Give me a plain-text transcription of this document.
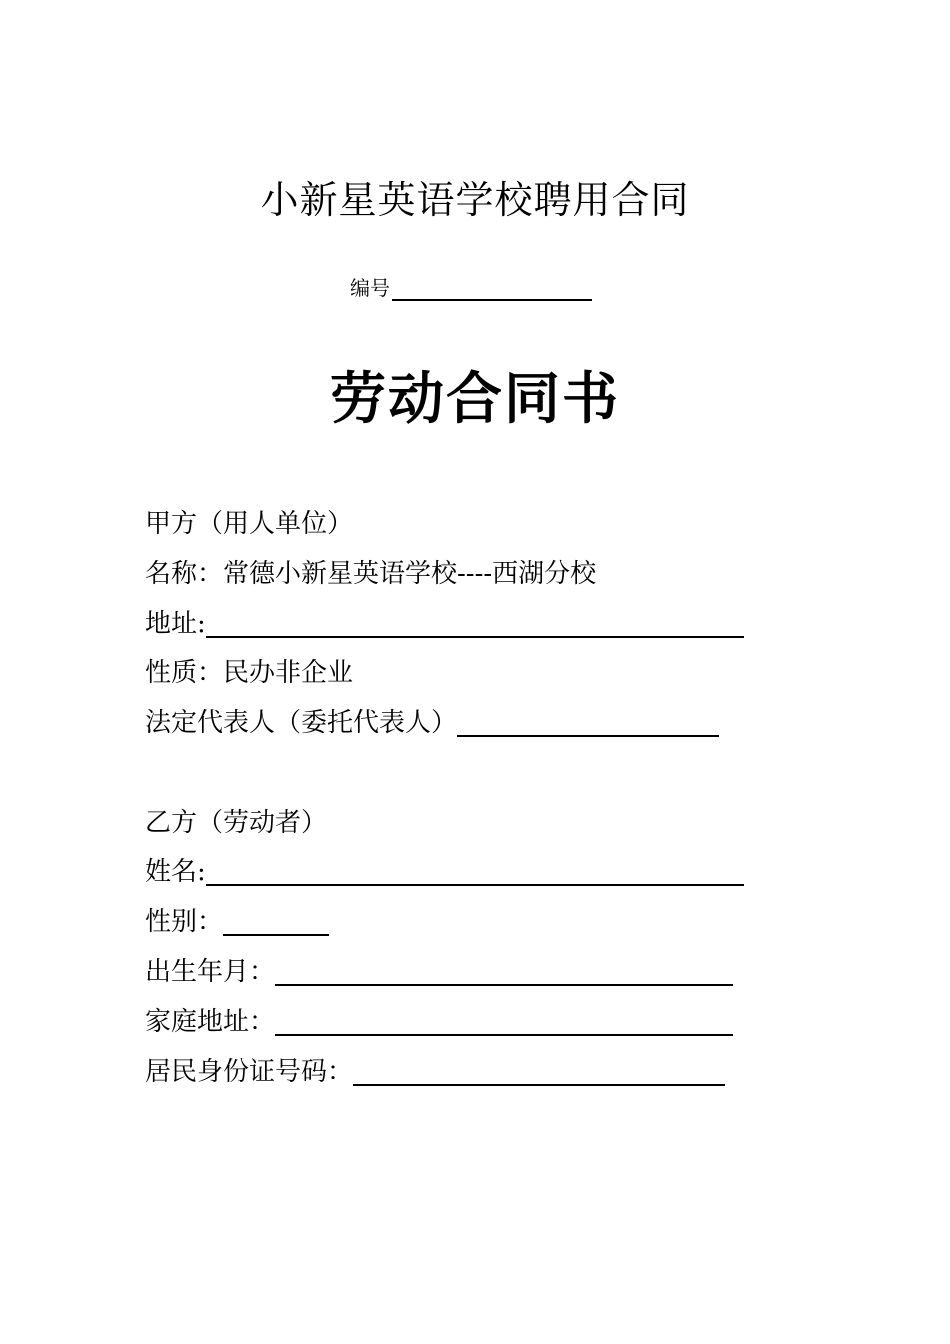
小新星英语学校聘用合同
编号
劳动合同书
甲方（用人单位）
名称： 常德小新星英语学校----西湖分校
地址:
性质： 民办非企业
法定代表人（委托代表人）
乙方（劳动者）
姓名:
性别：
出生年月：
家庭地址：
居民身份证号码：
